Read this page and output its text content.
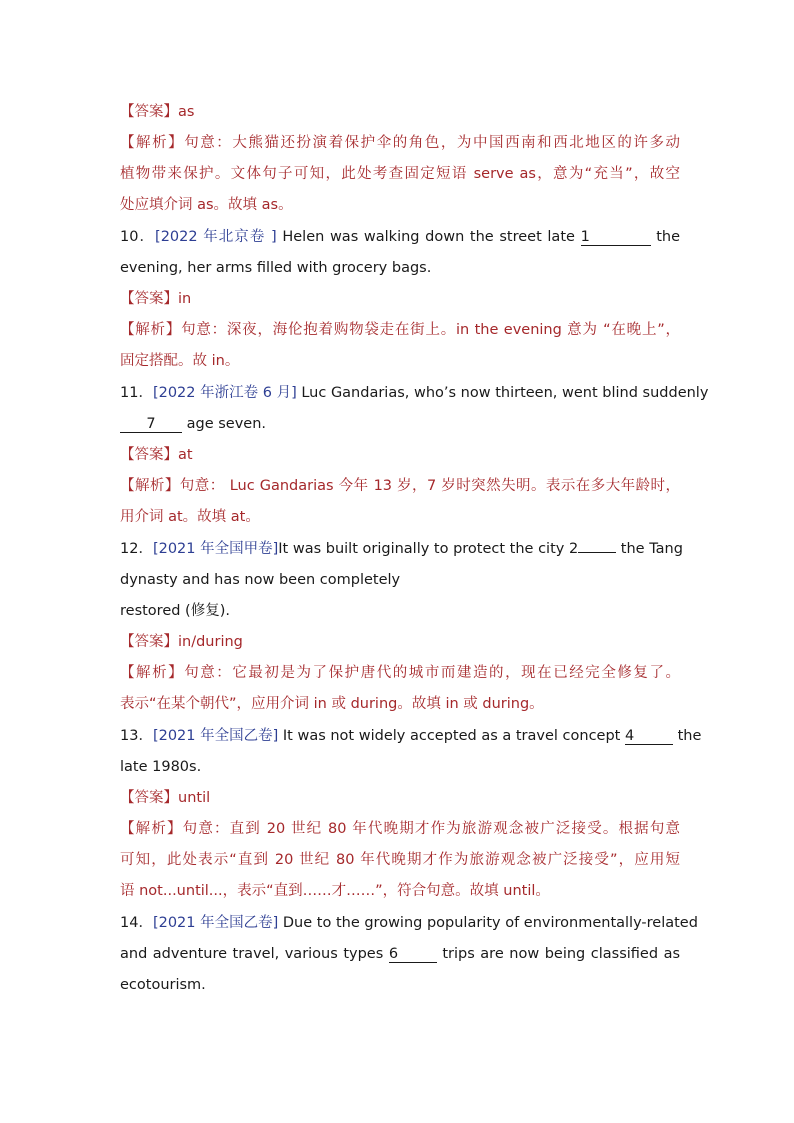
【答案】as
【解析】句意：大熊猫还扮演着保护伞的角色，为中国西南和西北地区的许多动
植物带来保护。文体句子可知，此处考查固定短语 serve as，意为“充当”，故空
处应填介词 as。故填 as。
10．[2022 年北京卷 ] Helen was walking down the street late 1	the
evening, her arms filled with grocery bags.
【答案】in
【解析】句意：深夜，海伦抱着购物袋走在街上。in the evening 意为 “在晚上”，
固定搭配。故 in。
11．[2022 年浙江卷 6 月] Luc Gandarias, who’s now thirteen, went blind suddenly
7 age seven.
【答案】at
【解析】句意： Luc Gandarias 今年 13 岁，7 岁时突然失明。表示在多大年龄时，
用介词 at。故填 at。
12．[2021 年全国甲卷]It was built originally to protect the city 2	the Tang
dynasty and has now been completely
restored (修复).
【答案】in/during
【解析】句意：它最初是为了保护唐代的城市而建造的，现在已经完全修复了。
表示“在某个朝代”，应用介词 in 或 during。故填 in 或 during。
13．[2021 年全国乙卷] It was not widely accepted as a travel concept 4	the
late 1980s.
【答案】until
【解析】句意：直到 20 世纪 80 年代晚期才作为旅游观念被广泛接受。根据句意
可知，此处表示“直到 20 世纪 80 年代晚期才作为旅游观念被广泛接受”，应用短
语 not...until...，表示“直到……才……”，符合句意。故填 until。
14．[2021 年全国乙卷] Due to the growing popularity of environmentally-related
and adventure travel, various types 6	trips are now being classified as
ecotourism.
